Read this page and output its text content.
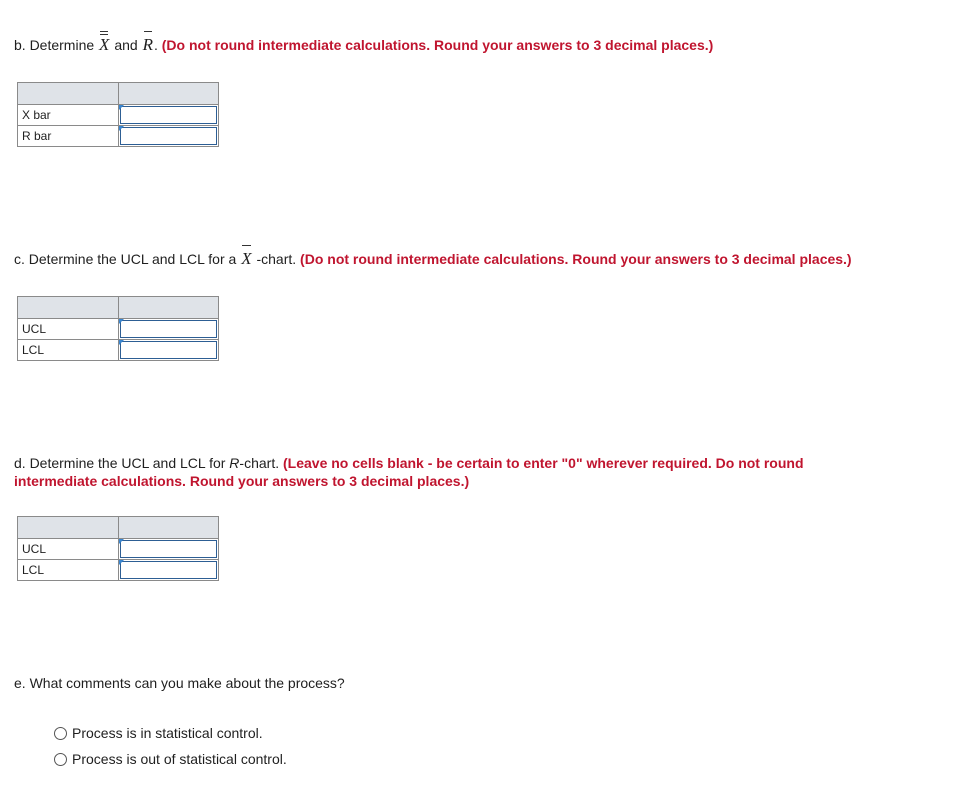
b. Determine X and R. (Do not round intermediate calculations. Round your answers to 3 decimal places.)

X bar	

R bar	
c. Determine the UCL and LCL for a X -chart. (Do not round intermediate calculations. Round your answers to 3 decimal places.)

UCL	

LCL	
d. Determine the UCL and LCL for R-chart. (Leave no cells blank - be certain to enter "0" wherever required. Do not round
intermediate calculations. Round your answers to 3 decimal places.)

UCL	

LCL	
e. What comments can you make about the process?
Process is in statistical control.
Process is out of statistical control.
